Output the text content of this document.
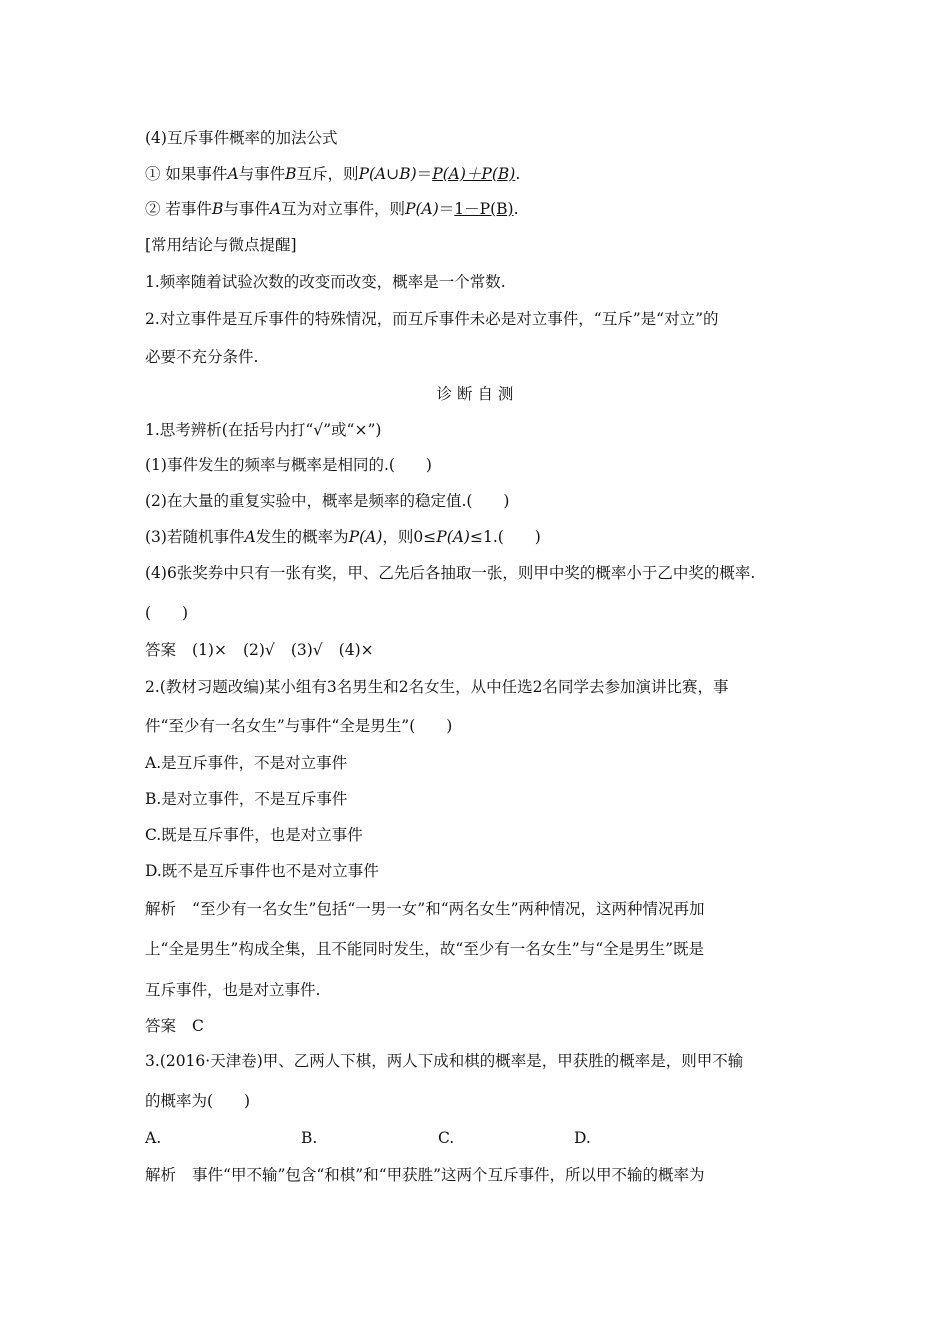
(4)互斥事件概率的加法公式
① 如果事件A与事件B互斥，则P(A∪B)＝P(A)＋P(B).
② 若事件B与事件A互为对立事件，则P(A)＝1－P(B).
[常用结论与微点提醒]
1.频率随着试验次数的改变而改变，概率是一个常数.
2.对立事件是互斥事件的特殊情况，而互斥事件未必是对立事件，“互斥”是“对立”的
必要不充分条件.
诊 断 自 测
1.思考辨析(在括号内打“√”或“×”)
(1)事件发生的频率与概率是相同的.(　　)
(2)在大量的重复实验中，概率是频率的稳定值.(　　)
(3)若随机事件A发生的概率为P(A)，则0≤P(A)≤1.(　　)
(4)6张奖券中只有一张有奖，甲、乙先后各抽取一张，则甲中奖的概率小于乙中奖的概率.
(　　)
答案 (1)× (2)√ (3)√ (4)×
2.(教材习题改编)某小组有3名男生和2名女生，从中任选2名同学去参加演讲比赛，事
件“至少有一名女生”与事件“全是男生”(　　)
A.是互斥事件，不是对立事件
B.是对立事件，不是互斥事件
C.既是互斥事件，也是对立事件
D.既不是互斥事件也不是对立事件
解析 “至少有一名女生”包括“一男一女”和“两名女生”两种情况，这两种情况再加
上“全是男生”构成全集，且不能同时发生，故“至少有一名女生”与“全是男生”既是
互斥事件，也是对立事件.
答案 C
3.(2016·天津卷)甲、乙两人下棋，两人下成和棋的概率是，甲获胜的概率是，则甲不输
的概率为(　　)
A.	B.	C.	D.
解析 事件“甲不输”包含“和棋”和“甲获胜”这两个互斥事件，所以甲不输的概率为
